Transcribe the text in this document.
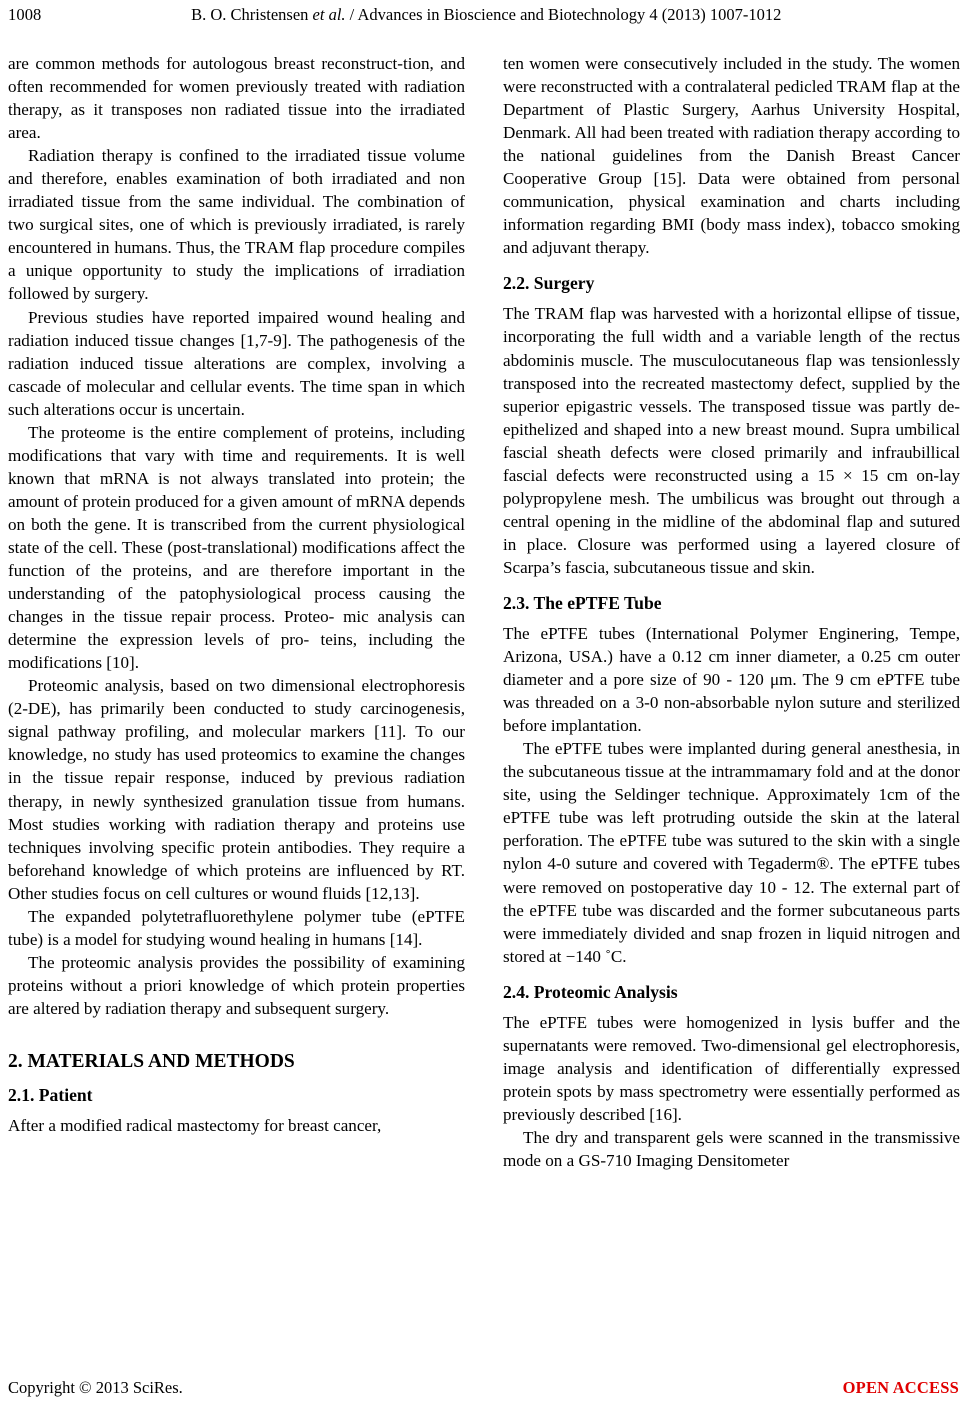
1008	B. O. Christensen et al. / Advances in Bioscience and Biotechnology 4 (2013) 1007-1012

are common methods for autologous breast reconstruct-tion, and often recommended for women previously treated with radiation therapy, as it transposes non radiated tissue into the irradiated area.

Radiation therapy is confined to the irradiated tissue volume and therefore, enables examination of both irradiated and non irradiated tissue from the same individual. The combination of two surgical sites, one of which is previously irradiated, is rarely encountered in humans. Thus, the TRAM flap procedure compiles a unique opportunity to study the implications of irradiation followed by surgery.

Previous studies have reported impaired wound healing and radiation induced tissue changes [1,7-9]. The pathogenesis of the radiation induced tissue alterations are complex, involving a cascade of molecular and cellular events. The time span in which such alterations occur is uncertain.

The proteome is the entire complement of proteins, including modifications that vary with time and requirements. It is well known that mRNA is not always translated into protein; the amount of protein produced for a given amount of mRNA depends on both the gene. It is transcribed from the current physiological state of the cell. These (post-translational) modifications affect the function of the proteins, and are therefore important in the understanding of the patophysiological process causing the changes in the tissue repair process. Proteo- mic analysis can determine the expression levels of pro- teins, including the modifications [10].

Proteomic analysis, based on two dimensional electrophoresis (2-DE), has primarily been conducted to study carcinogenesis, signal pathway profiling, and molecular markers [11]. To our knowledge, no study has used proteomics to examine the changes in the tissue repair response, induced by previous radiation therapy, in newly synthesized granulation tissue from humans. Most studies working with radiation therapy and proteins use techniques involving specific protein antibodies. They require a beforehand knowledge of which proteins are influenced by RT. Other studies focus on cell cultures or wound fluids [12,13].

The expanded polytetrafluorethylene polymer tube (ePTFE tube) is a model for studying wound healing in humans [14].

The proteomic analysis provides the possibility of examining proteins without a priori knowledge of which protein properties are altered by radiation therapy and subsequent surgery.

2. MATERIALS AND METHODS
2.1. Patient

After a modified radical mastectomy for breast cancer,

ten women were consecutively included in the study. The women were reconstructed with a contralateral pedicled TRAM flap at the Department of Plastic Surgery, Aarhus University Hospital, Denmark. All had been treated with radiation therapy according to the national guidelines from the Danish Breast Cancer Cooperative Group [15]. Data were obtained from personal communication, physical examination and charts including information regarding BMI (body mass index), tobacco smoking and adjuvant therapy.

2.2. Surgery

The TRAM flap was harvested with a horizontal ellipse of tissue, incorporating the full width and a variable length of the rectus abdominis muscle. The musculocutaneous flap was tensionlessly transposed into the recreated mastectomy defect, supplied by the superior epigastric vessels. The transposed tissue was partly de-epithelized and shaped into a new breast mound. Supra umbilical fascial sheath defects were closed primarily and infraubillical fascial defects were reconstructed using a 15 × 15 cm on-lay polypropylene mesh. The umbilicus was brought out through a central opening in the midline of the abdominal flap and sutured in place. Closure was performed using a layered closure of Scarpa’s fascia, subcutaneous tissue and skin.

2.3. The ePTFE Tube

The ePTFE tubes (International Polymer Enginering, Tempe, Arizona, USA.) have a 0.12 cm inner diameter, a 0.25 cm outer diameter and a pore size of 90 - 120 μm. The 9 cm ePTFE tube was threaded on a 3-0 non-absorbable nylon suture and sterilized before implantation.

The ePTFE tubes were implanted during general anesthesia, in the subcutaneous tissue at the intrammamary fold and at the donor site, using the Seldinger technique. Approximately 1cm of the ePTFE tube was left protruding outside the skin at the lateral perforation. The ePTFE tube was sutured to the skin with a single nylon 4-0 suture and covered with Tegaderm®. The ePTFE tubes were removed on postoperative day 10 - 12. The external part of the ePTFE tube was discarded and the former subcutaneous parts were immediately divided and snap frozen in liquid nitrogen and stored at −140 ˚C.

2.4. Proteomic Analysis

The ePTFE tubes were homogenized in lysis buffer and the supernatants were removed. Two-dimensional gel electrophoresis, image analysis and identification of differentially expressed protein spots by mass spectrometry were essentially performed as previously described [16].

The dry and transparent gels were scanned in the transmissive mode on a GS-710 Imaging Densitometer

Copyright © 2013 SciRes.	OPEN ACCESS
